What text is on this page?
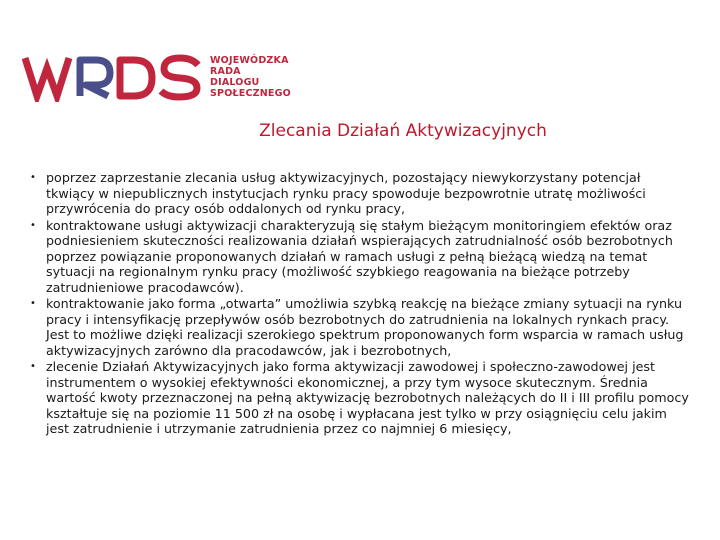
WOJEWÓDZKA
RADA
DIALOGU
SPOŁECZNEGO
Zlecania Działań Aktywizacyjnych
• poprzez zaprzestanie zlecania usług aktywizacyjnych, pozostający niewykorzystany potencjał tkwiący w niepublicznych instytucjach rynku pracy spowoduje bezpowrotnie utratę możliwości przywrócenia do pracy osób oddalonych od rynku pracy,
• kontraktowane usługi aktywizacji charakteryzują się stałym bieżącym monitoringiem efektów oraz podniesieniem skuteczności realizowania działań wspierających zatrudnialność osób bezrobotnych poprzez powiązanie proponowanych działań w ramach usługi z pełną bieżącą wiedzą na temat sytuacji na regionalnym rynku pracy (możliwość szybkiego reagowania na bieżące potrzeby zatrudnieniowe pracodawców).
• kontraktowanie jako forma „otwarta” umożliwia szybką reakcję na bieżące zmiany sytuacji na rynku pracy i intensyfikację przepływów osób bezrobotnych do zatrudnienia na lokalnych rynkach pracy. Jest to możliwe dzięki realizacji szerokiego spektrum proponowanych form wsparcia w ramach usług aktywizacyjnych zarówno dla pracodawców, jak i bezrobotnych,
• zlecenie Działań Aktywizacyjnych jako forma aktywizacji zawodowej i społeczno-zawodowej jest instrumentem o wysokiej efektywności ekonomicznej, a przy tym wysoce skutecznym. Średnia wartość kwoty przeznaczonej na pełną aktywizację bezrobotnych należących do II i III profilu pomocy kształtuje się na poziomie 11 500 zł na osobę i wypłacana jest tylko w przy osiągnięciu celu jakim jest zatrudnienie i utrzymanie zatrudnienia przez co najmniej 6 miesięcy,
